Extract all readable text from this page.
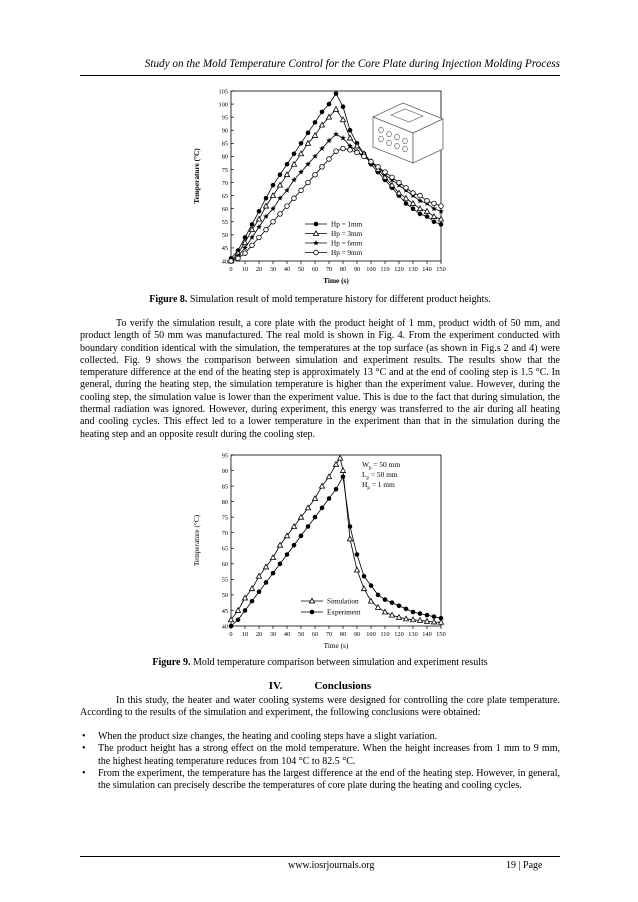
Study on the Mold Temperature Control for the Core Plate during Injection Molding Process
40
45
50
55
60
65
70
75
80
85
90
95
100
105
0 10 20 30 40 50 60 70 80 90 100 110 120 130 140 150
Time (s)
Temperature (°C)
Hp = 1mm
Hp = 3mm
Hp = 6mm
Hp = 9mm
Figure 8. Simulation result of mold temperature history for different product heights.
To verify the simulation result, a core plate with the product height of 1 mm, product width of 50 mm, and product length of 50 mm was manufactured. The real mold is shown in Fig. 4. From the experiment conducted with boundary condition identical with the simulation, the temperatures at the top surface (as shown in Fig.s 2 and 4) were collected. Fig. 9 shows the comparison between simulation and experiment results. The results show that the temperature difference at the end of the heating step is approximately 13 °C and at the end of cooling step is 1.5 °C. In general, during the heating step, the simulation temperature is higher than the experiment value. However, during the cooling step, the simulation value is lower than the experiment value. This is due to the fact that during simulation, the thermal radiation was ignored. However, during experiment, this energy was transferred to the air during all heating and cooling cycles. This effect led to a lower temperature in the experiment than that in the simulation during the heating step and an opposite result during the cooling step.
40
45
50
55
60
65
70
75
80
85
90
95
0 10 20 30 40 50 60 70 80 90 100 110 120 130 140 150
Time (s)
Temperature (°C)
Simulation
Experiment
$W_p = 50$ mm
$L_p = 50$ mm
$H_p = 1$ mm
Figure 9. Mold temperature comparison between simulation and experiment results
IV.	Conclusions
In this study, the heater and water cooling systems were designed for controlling the core plate temperature. According to the results of the simulation and experiment, the following conclusions were obtained:
• When the product size changes, the heating and cooling steps have a slight variation.
• The product height has a strong effect on the mold temperature. When the height increases from 1 mm to 9 mm, the highest heating temperature reduces from 104 °C to 82.5 °C.
• From the experiment, the temperature has the largest difference at the end of the heating step. However, in general, the simulation can precisely describe the temperatures of core plate during the heating and cooling cycles.
www.iosrjournals.org	19 | Page
